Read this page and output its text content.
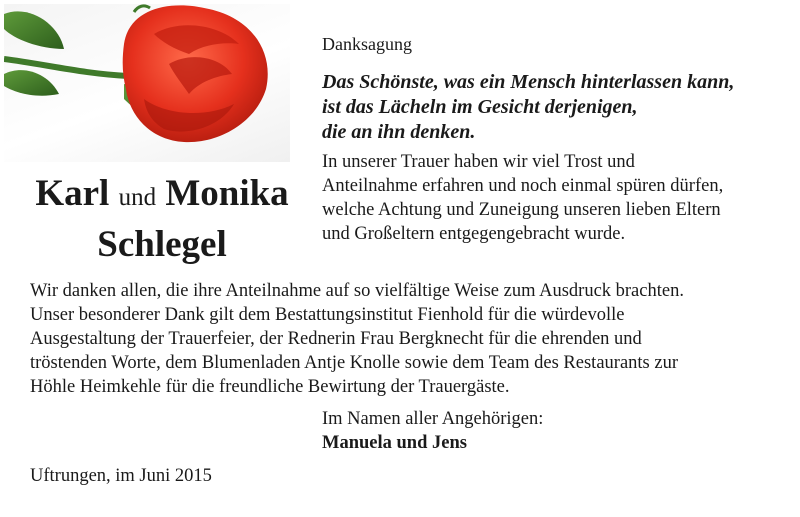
Karl und Monika
Schlegel
Danksagung
Das Schönste, was ein Mensch hinterlassen kann,
ist das Lächeln im Gesicht derjenigen,
die an ihn denken.
In unserer Trauer haben wir viel Trost und
Anteilnahme erfahren und noch einmal spüren dürfen,
welche Achtung und Zuneigung unseren lieben Eltern
und Großeltern entgegengebracht wurde.
Wir danken allen, die ihre Anteilnahme auf so vielfältige Weise zum Ausdruck brachten.
Unser besonderer Dank gilt dem Bestattungsinstitut Fienhold für die würdevolle
Ausgestaltung der Trauerfeier, der Rednerin Frau Bergknecht für die ehrenden und
tröstenden Worte, dem Blumenladen Antje Knolle sowie dem Team des Restaurants zur
Höhle Heimkehle für die freundliche Bewirtung der Trauergäste.
Im Namen aller Angehörigen:
Manuela und Jens
Uftrungen, im Juni 2015
